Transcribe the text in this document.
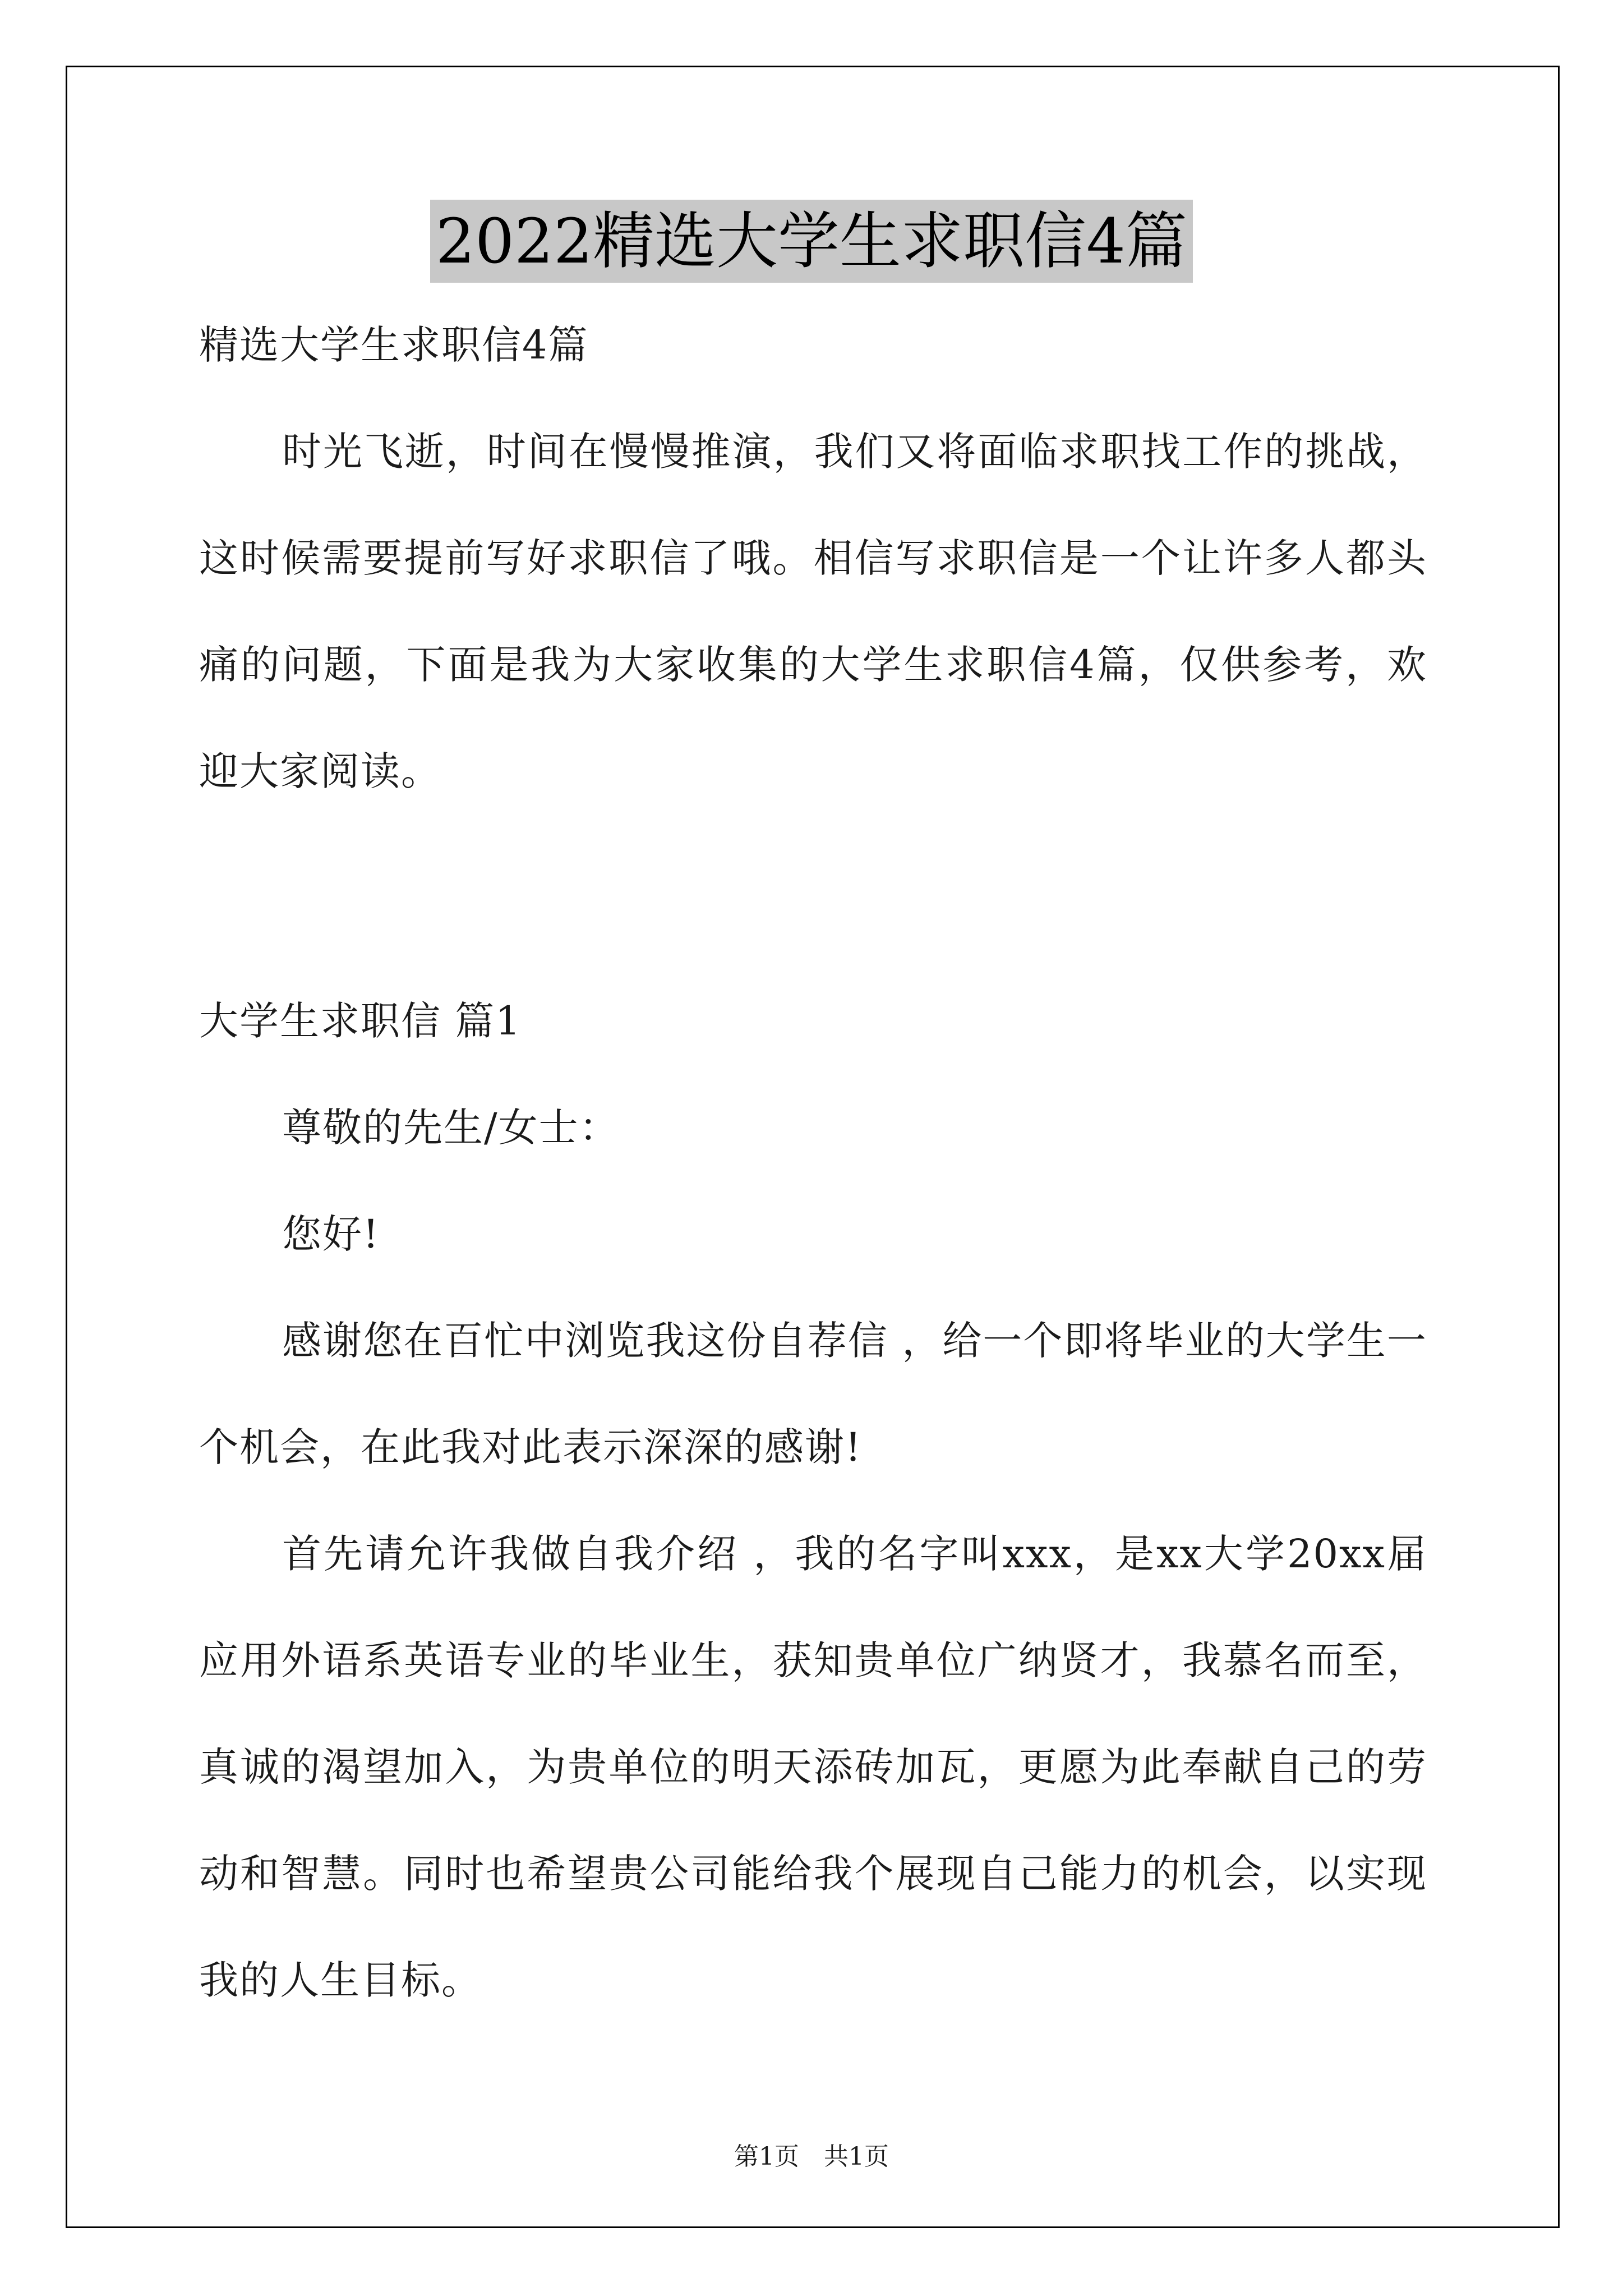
2022精选大学生求职信4篇
精选大学生求职信4篇
时光飞逝，时间在慢慢推演，我们又将面临求职找工作的挑战，
这时候需要提前写好求职信了哦。相信写求职信是一个让许多人都头
痛的问题，下面是我为大家收集的大学生求职信4篇，仅供参考，欢
迎大家阅读。
大学生求职信 篇1
尊敬的先生/女士：
您好!
感谢您在百忙中浏览我这份自荐信 ，给一个即将毕业的大学生一
个机会，在此我对此表示深深的感谢!
首先请允许我做自我介绍 ，我的名字叫xxx，是xx大学20xx届
应用外语系英语专业的毕业生，获知贵单位广纳贤才，我慕名而至，
真诚的渴望加入，为贵单位的明天添砖加瓦，更愿为此奉献自己的劳
动和智慧。同时也希望贵公司能给我个展现自己能力的机会，以实现
我的人生目标。
第1页　共1页
